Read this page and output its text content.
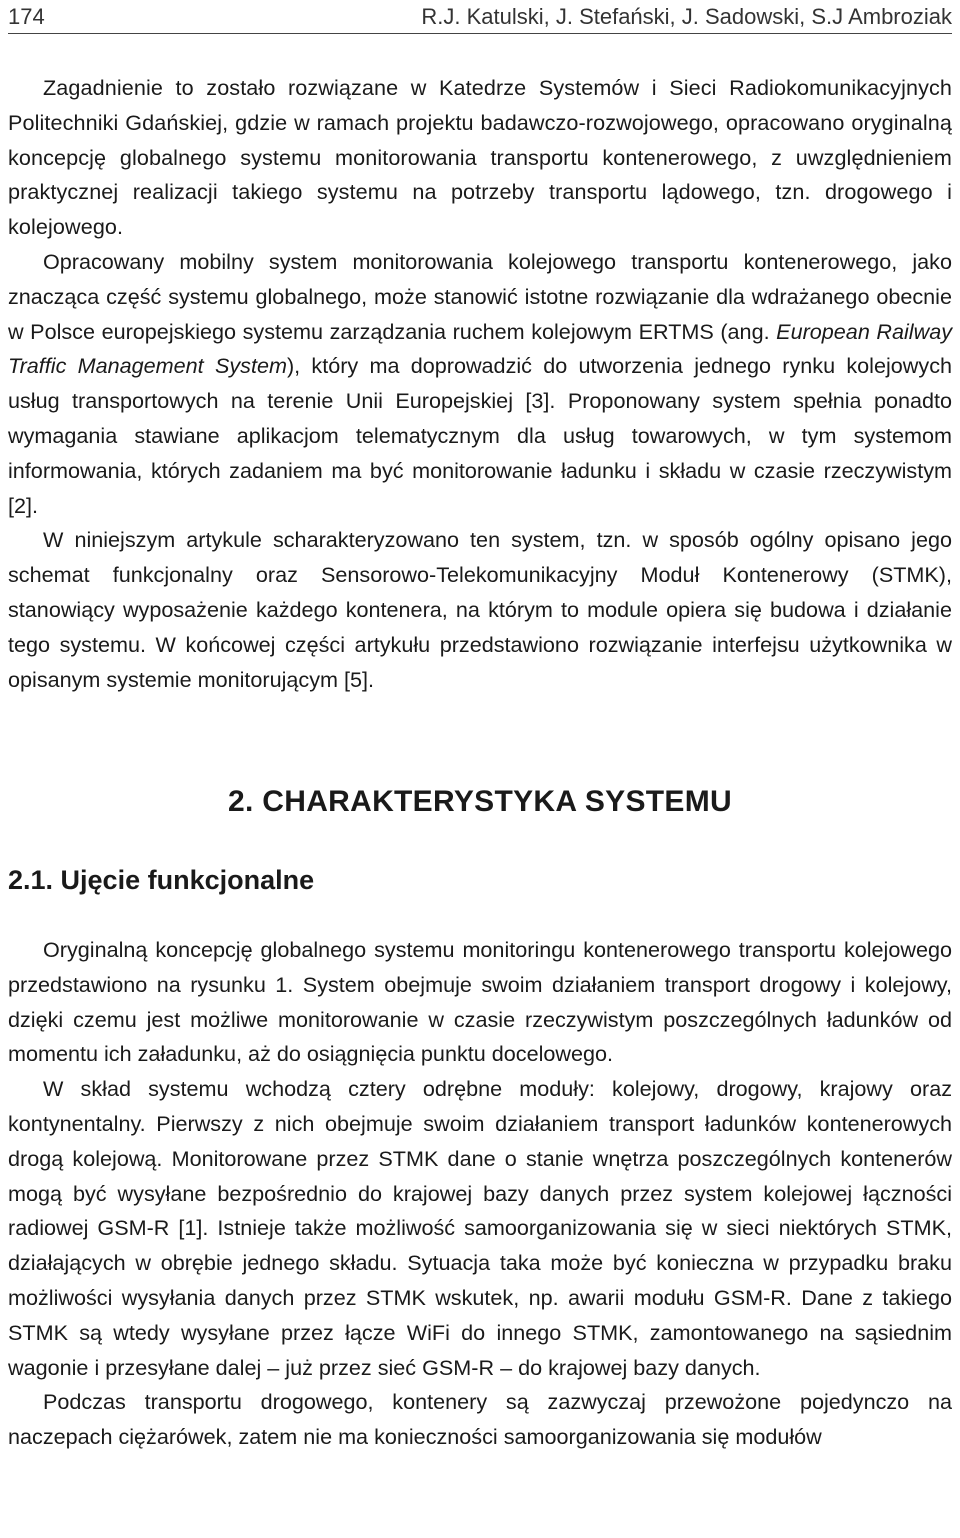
174	R.J. Katulski, J. Stefański, J. Sadowski, S.J Ambroziak

Zagadnienie to zostało rozwiązane w Katedrze Systemów i Sieci Radiokomunikacyjnych Politechniki Gdańskiej, gdzie w ramach projektu badawczo-rozwojowego, opracowano oryginalną koncepcję globalnego systemu monitorowania transportu kontenerowego, z uwzględnieniem praktycznej realizacji takiego systemu na potrzeby transportu lądowego, tzn. drogowego i kolejowego.

Opracowany mobilny system monitorowania kolejowego transportu kontenerowego, jako znacząca część systemu globalnego, może stanowić istotne rozwiązanie dla wdrażanego obecnie w Polsce europejskiego systemu zarządzania ruchem kolejowym ERTMS (ang. European Railway Traffic Management System), który ma doprowadzić do utworzenia jednego rynku kolejowych usług transportowych na terenie Unii Europejskiej [3]. Proponowany system spełnia ponadto wymagania stawiane aplikacjom telematycznym dla usług towarowych, w tym systemom informowania, których zadaniem ma być monitorowanie ładunku i składu w czasie rzeczywistym [2].

W niniejszym artykule scharakteryzowano ten system, tzn. w sposób ogólny opisano jego schemat funkcjonalny oraz Sensorowo-Telekomunikacyjny Moduł Kontenerowy (STMK), stanowiący wyposażenie każdego kontenera, na którym to module opiera się budowa i działanie tego systemu. W końcowej części artykułu przedstawiono rozwiązanie interfejsu użytkownika w opisanym systemie monitorującym [5].

2. CHARAKTERYSTYKA SYSTEMU
2.1. Ujęcie funkcjonalne

Oryginalną koncepcję globalnego systemu monitoringu kontenerowego transportu kolejowego przedstawiono na rysunku 1. System obejmuje swoim działaniem transport drogowy i kolejowy, dzięki czemu jest możliwe monitorowanie w czasie rzeczywistym poszczególnych ładunków od momentu ich załadunku, aż do osiągnięcia punktu docelowego.

W skład systemu wchodzą cztery odrębne moduły: kolejowy, drogowy, krajowy oraz kontynentalny. Pierwszy z nich obejmuje swoim działaniem transport ładunków kontenerowych drogą kolejową. Monitorowane przez STMK dane o stanie wnętrza poszczególnych kontenerów mogą być wysyłane bezpośrednio do krajowej bazy danych przez system kolejowej łączności radiowej GSM-R [1]. Istnieje także możliwość samoorganizowania się w sieci niektórych STMK, działających w obrębie jednego składu. Sytuacja taka może być konieczna w przypadku braku możliwości wysyłania danych przez STMK wskutek, np. awarii modułu GSM-R. Dane z takiego STMK są wtedy wysyłane przez łącze WiFi do innego STMK, zamontowanego na sąsiednim wagonie i przesyłane dalej – już przez sieć GSM-R – do krajowej bazy danych.

Podczas transportu drogowego, kontenery są zazwyczaj przewożone pojedynczo na naczepach ciężarówek, zatem nie ma konieczności samoorganizowania się modułów
